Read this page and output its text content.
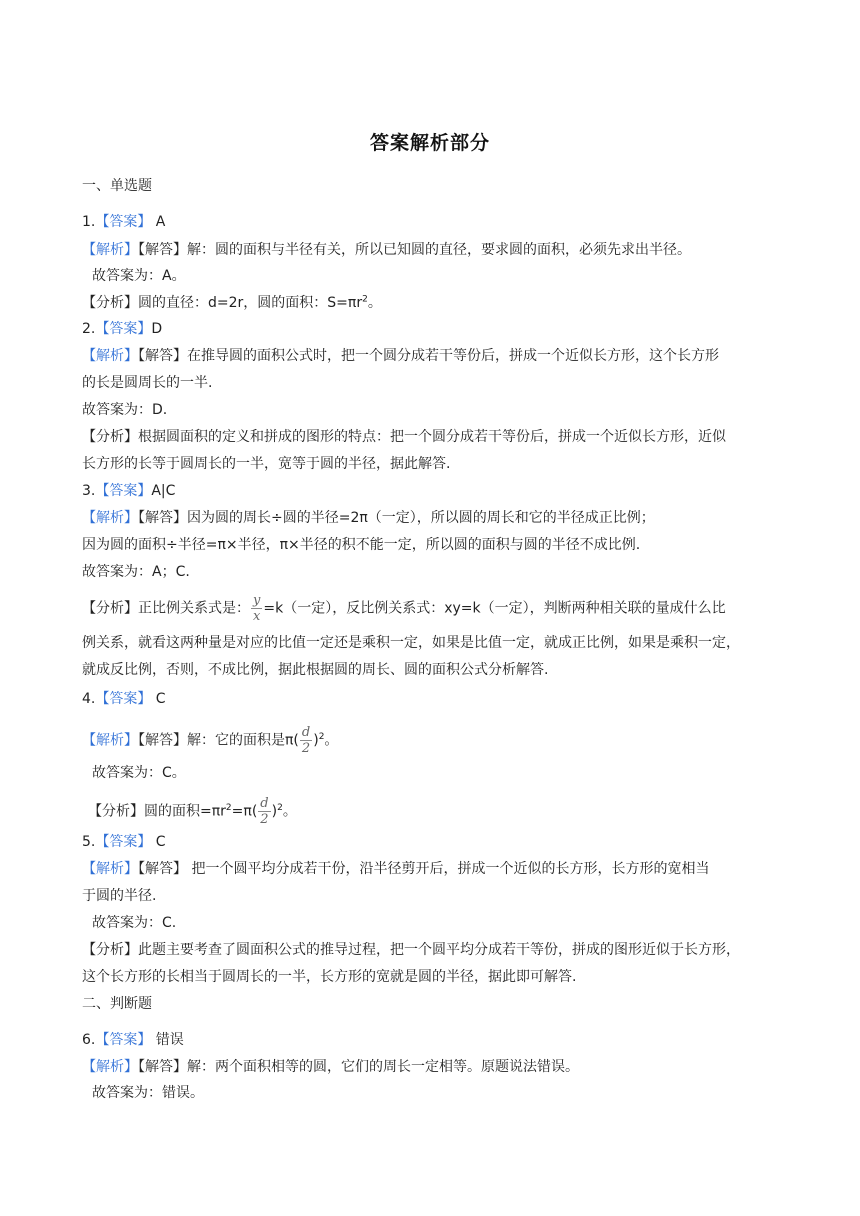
答案解析部分
一、单选题
1.【答案】 A
【解析】【解答】解：圆的面积与半径有关，所以已知圆的直径，要求圆的面积，必须先求出半径。
故答案为：A。
【分析】圆的直径：d=2r，圆的面积：$S=\pi r^2$。
2.【答案】D
【解析】【解答】在推导圆的面积公式时，把一个圆分成若干等份后，拼成一个近似长方形，这个长方形
的长是圆周长的一半.
故答案为：D.
【分析】根据圆面积的定义和拼成的图形的特点：把一个圆分成若干等份后，拼成一个近似长方形，近似
长方形的长等于圆周长的一半，宽等于圆的半径，据此解答.
3.【答案】A|C
【解析】【解答】因为圆的周长÷圆的半径=2π（一定），所以圆的周长和它的半径成正比例；
因为圆的面积÷半径=π×半径，π×半径的积不能一定，所以圆的面积与圆的半径不成比例.
故答案为：A；C.
【分析】正比例关系式是： $\frac{y}{x} =k$（一定），反比例关系式：xy=k（一定），判断两种相关联的量成什么比
例关系，就看这两种量是对应的比值一定还是乘积一定，如果是比值一定，就成正比例，如果是乘积一定，
就成反比例，否则，不成比例，据此根据圆的周长、圆的面积公式分析解答.
4.【答案】 C
【解析】【解答】解：它的面积是$\pi( \frac{d}{2} )^2$。
故答案为：C。
【分析】圆的面积$=\pi r^2=\pi( \frac{d}{2} )^2$。
5.【答案】 C
【解析】【解答】 把一个圆平均分成若干份，沿半径剪开后，拼成一个近似的长方形，长方形的宽相当
于圆的半径.
故答案为：C.
【分析】此题主要考查了圆面积公式的推导过程，把一个圆平均分成若干等份，拼成的图形近似于长方形，
这个长方形的长相当于圆周长的一半，长方形的宽就是圆的半径，据此即可解答.
二、判断题
6.【答案】 错误
【解析】【解答】解：两个面积相等的圆，它们的周长一定相等。原题说法错误。
故答案为：错误。
